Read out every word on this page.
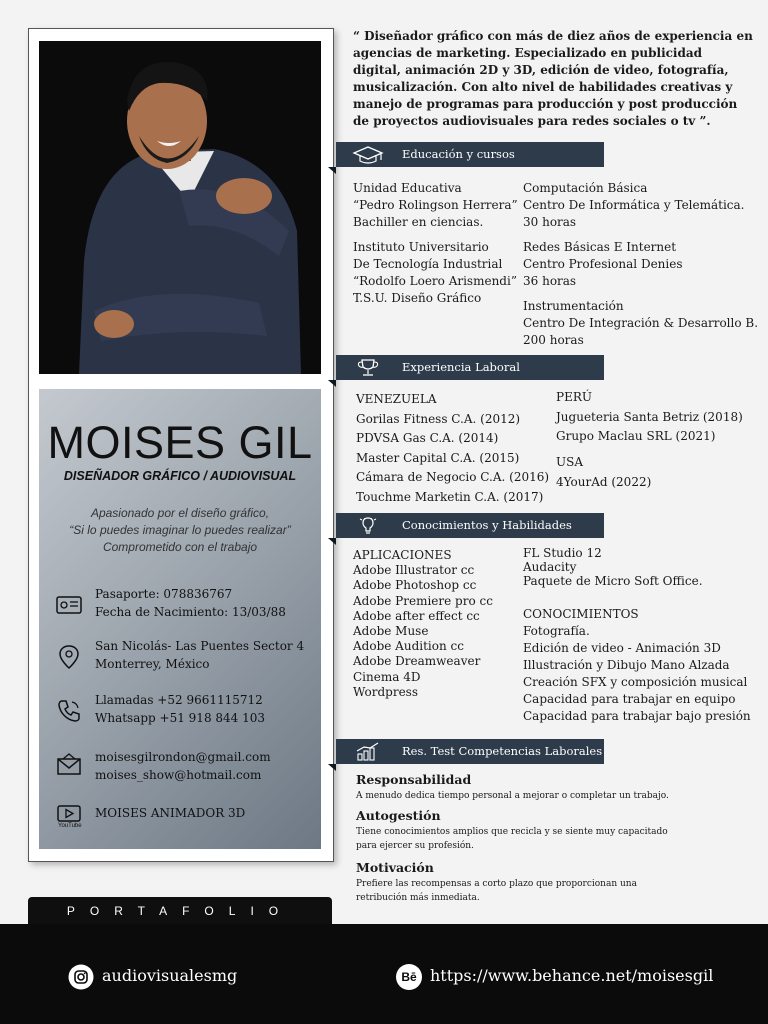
MOISES GIL
DISEÑADOR GRÁFICO / AUDIOVISUAL
Apasionado por el diseño gráfico,
“Si lo puedes imaginar lo puedes realizar”
Comprometido con el trabajo
Pasaporte: 078836767
Fecha de Nacimiento: 13/03/88
San Nicolás- Las Puentes Sector 4
Monterrey, México
Llamadas +52 9661115712
Whatsapp +51 918 844 103
moisesgilrondon@gmail.com
moises_show@hotmail.com
YouTube
MOISES ANIMADOR 3D
“ Diseñador gráfico con más de diez años de experiencia en agencias de marketing. Especializado en publicidad digital, animación 2D y 3D, edición de video, fotografía, musicalización. Con alto nivel de habilidades creativas y manejo de programas para producción y post producción de proyectos audiovisuales para redes sociales o tv ”.
Educación y cursos
Unidad Educativa
“Pedro Rolingson Herrera”
Bachiller en ciencias.
Instituto Universitario
De Tecnología Industrial
“Rodolfo Loero Arismendi”
T.S.U. Diseño Gráfico
Computación Básica
Centro De Informática y Telemática.
30 horas
Redes Básicas E Internet
Centro Profesional Denies
36 horas
Instrumentación
Centro De Integración & Desarrollo B.
200 horas
Experiencia Laboral
VENEZUELA
Gorilas Fitness C.A. (2012)
PDVSA Gas C.A. (2014)
Master Capital C.A. (2015)
Cámara de Negocio C.A. (2016)
Touchme Marketin C.A. (2017)
PERÚ
Jugueteria Santa Betriz (2018)
Grupo Maclau SRL (2021)
USA
4YourAd (2022)
Conocimientos y Habilidades
APLICACIONES
Adobe Illustrator cc
Adobe Photoshop cc
Adobe Premiere pro cc
Adobe after effect cc
Adobe Muse
Adobe Audition cc
Adobe Dreamweaver
Cinema 4D
Wordpress
FL Studio 12
Audacity
Paquete de Micro Soft Office.
CONOCIMIENTOS
Fotografía.
Edición de video - Animación 3D
Illustración y Dibujo Mano Alzada
Creación SFX y composición musical
Capacidad para trabajar en equipo
Capacidad para trabajar bajo presión
Res. Test Competencias Laborales
Responsabilidad
A menudo dedica tiempo personal a mejorar o completar un trabajo.
Autogestión
Tiene conocimientos amplios que recicla y se siente muy capacitado para ejercer su profesión.
Motivación
Prefiere las recompensas a corto plazo que proporcionan una retribución más inmediata.
PORTAFOLIO
audiovisualesmg	Bē https://www.behance.net/moisesgil
